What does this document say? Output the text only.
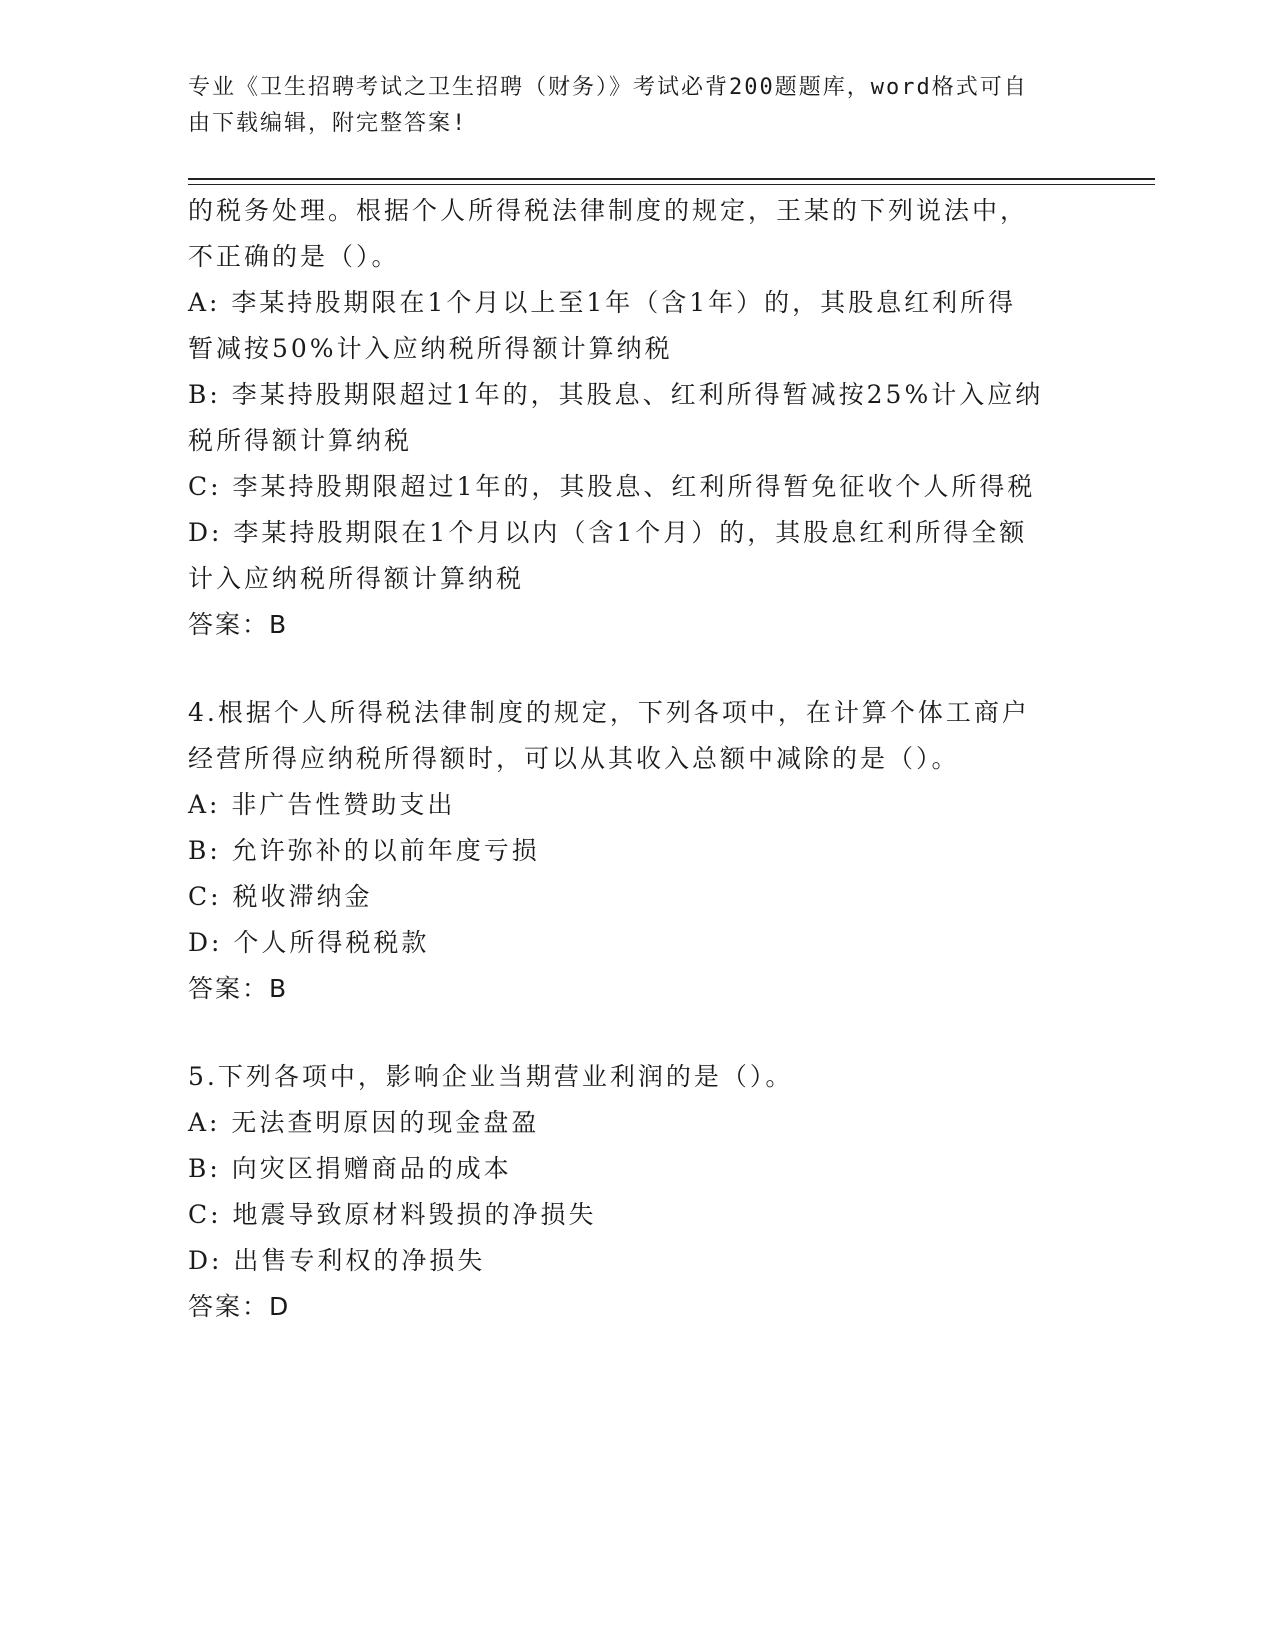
专业《卫生招聘考试之卫生招聘（财务）》考试必背200题题库，word格式可自
由下载编辑，附完整答案!
的税务处理。根据个人所得税法律制度的规定，王某的下列说法中，
不正确的是（）。
A: 李某持股期限在1个月以上至1年（含1年）的，其股息红利所得
暂减按50%计入应纳税所得额计算纳税
B: 李某持股期限超过1年的，其股息、红利所得暂减按25%计入应纳
税所得额计算纳税
C: 李某持股期限超过1年的，其股息、红利所得暂免征收个人所得税
D: 李某持股期限在1个月以内（含1个月）的，其股息红利所得全额
计入应纳税所得额计算纳税
答案：B
4.根据个人所得税法律制度的规定，下列各项中，在计算个体工商户
经营所得应纳税所得额时，可以从其收入总额中减除的是（）。
A: 非广告性赞助支出
B: 允许弥补的以前年度亏损
C: 税收滞纳金
D: 个人所得税税款
答案：B
5.下列各项中，影响企业当期营业利润的是（）。
A: 无法查明原因的现金盘盈
B: 向灾区捐赠商品的成本
C: 地震导致原材料毁损的净损失
D: 出售专利权的净损失
答案：D
